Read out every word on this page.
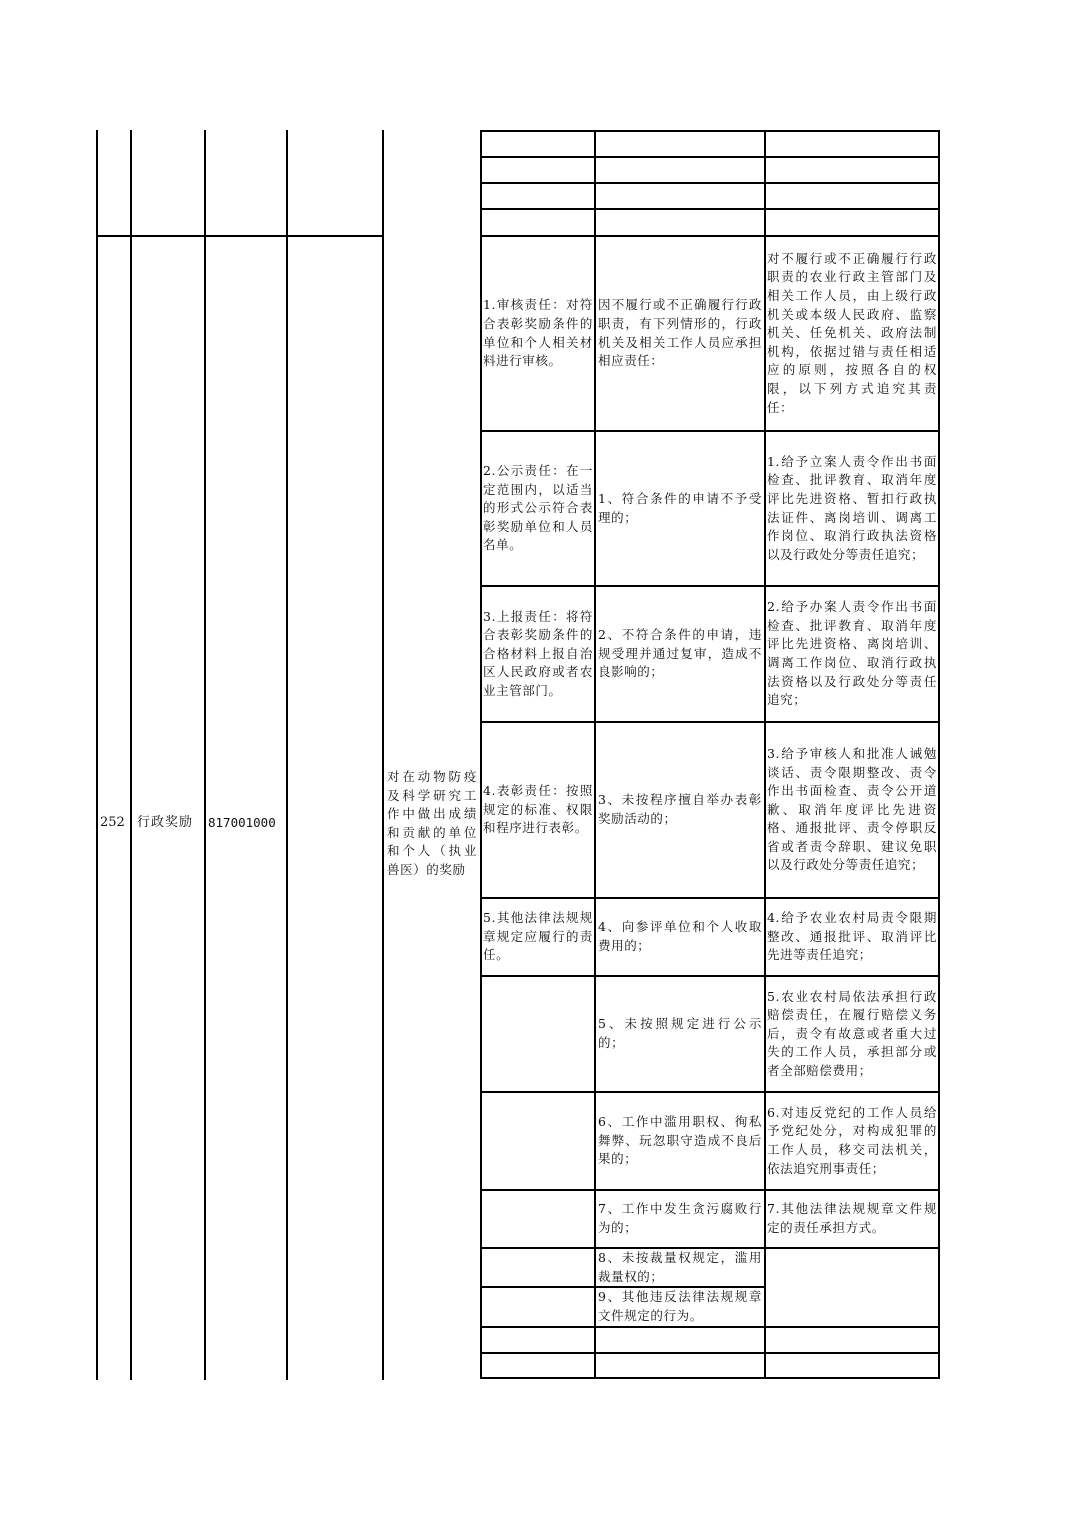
252 行政奖励 817001000
对在动物防疫及科学研究工作中做出成绩和贡献的单位和个人（执业兽医）的奖励
1.审核责任：对符合表彰奖励条件的单位和个人相关材料进行审核。
2.公示责任：在一定范围内，以适当的形式公示符合表彰奖励单位和人员名单。
3.上报责任：将符合表彰奖励条件的合格材料上报自治区人民政府或者农业主管部门。
4.表彰责任：按照规定的标准、权限和程序进行表彰。
5.其他法律法规规章规定应履行的责任。
因不履行或不正确履行行政职责，有下列情形的，行政机关及相关工作人员应承担相应责任：
1、符合条件的申请不予受理的；
2、不符合条件的申请，违规受理并通过复审，造成不良影响的；
3、未按程序擅自举办表彰奖励活动的；
4、向参评单位和个人收取费用的；
5、未按照规定进行公示的；
6、工作中滥用职权、徇私舞弊、玩忽职守造成不良后果的；
7、工作中发生贪污腐败行为的；
8、未按裁量权规定，滥用裁量权的；
9、其他违反法律法规规章文件规定的行为。
对不履行或不正确履行行政职责的农业行政主管部门及相关工作人员，由上级行政机关或本级人民政府、监察机关、任免机关、政府法制机构，依据过错与责任相适应的原则，按照各自的权限，以下列方式追究其责任：
1.给予立案人责令作出书面检查、批评教育、取消年度评比先进资格、暂扣行政执法证件、离岗培训、调离工作岗位、取消行政执法资格以及行政处分等责任追究；
2.给予办案人责令作出书面检查、批评教育、取消年度评比先进资格、离岗培训、调离工作岗位、取消行政执法资格以及行政处分等责任追究；
3.给予审核人和批准人诫勉谈话、责令限期整改、责令作出书面检查、责令公开道歉、取消年度评比先进资格、通报批评、责令停职反省或者责令辞职、建议免职以及行政处分等责任追究；
4.给予农业农村局责令限期整改、通报批评、取消评比先进等责任追究；
5.农业农村局依法承担行政赔偿责任，在履行赔偿义务后，责令有故意或者重大过失的工作人员，承担部分或者全部赔偿费用；
6.对违反党纪的工作人员给予党纪处分，对构成犯罪的工作人员，移交司法机关，依法追究刑事责任；
7.其他法律法规规章文件规定的责任承担方式。
